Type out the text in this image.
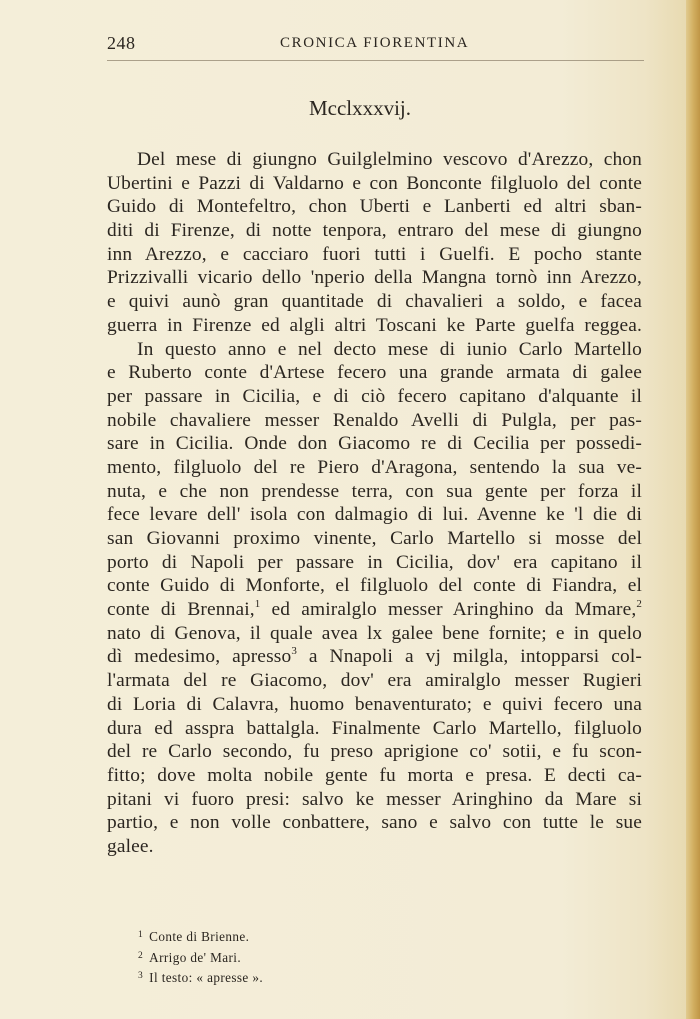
248	CRONICA FIORENTINA
Mcclxxxvij.
Del mese di giungno Guilglelmino vescovo d'Arezzo, chon
Ubertini e Pazzi di Valdarno e con Bonconte filgluolo del conte
Guido di Montefeltro, chon Uberti e Lanberti ed altri sban-
diti di Firenze, di notte tenpora, entraro del mese di giungno
inn Arezzo, e cacciaro fuori tutti i Guelfi. E pocho stante
Prizzivalli vicario dello 'nperio della Mangna tornò inn Arezzo,
e quivi aunò gran quantitade di chavalieri a soldo, e facea
guerra in Firenze ed algli altri Toscani ke Parte guelfa reggea.
In questo anno e nel decto mese di iunio Carlo Martello
e Ruberto conte d'Artese fecero una grande armata di galee
per passare in Cicilia, e di ciò fecero capitano d'alquante il
nobile chavaliere messer Renaldo Avelli di Pulgla, per pas-
sare in Cicilia. Onde don Giacomo re di Cecilia per possedi-
mento, filgluolo del re Piero d'Aragona, sentendo la sua ve-
nuta, e che non prendesse terra, con sua gente per forza il
fece levare dell' isola con dalmagio di lui. Avenne ke 'l die di
san Giovanni proximo vinente, Carlo Martello si mosse del
porto di Napoli per passare in Cicilia, dov' era capitano il
conte Guido di Monforte, el filgluolo del conte di Fiandra, el
conte di Brennai,$^1$ ed amiralglo messer Aringhino da Mmare,$^2$
nato di Genova, il quale avea lx galee bene fornite; e in quelo
dì medesimo, apresso$^3$ a Nnapoli a vj milgla, intopparsi col-
l'armata del re Giacomo, dov' era amiralglo messer Rugieri
di Loria di Calavra, huomo benaventurato; e quivi fecero una
dura ed asspra battalgla. Finalmente Carlo Martello, filgluolo
del re Carlo secondo, fu preso aprigione co' sotii, e fu scon-
fitto; dove molta nobile gente fu morta e presa. E decti ca-
pitani vi fuoro presi: salvo ke messer Aringhino da Mare si
partio, e non volle conbattere, sano e salvo con tutte le sue
galee.
$^1$ Conte di Brienne.
$^2$ Arrigo de' Mari.
$^3$ Il testo: « apresse ».
